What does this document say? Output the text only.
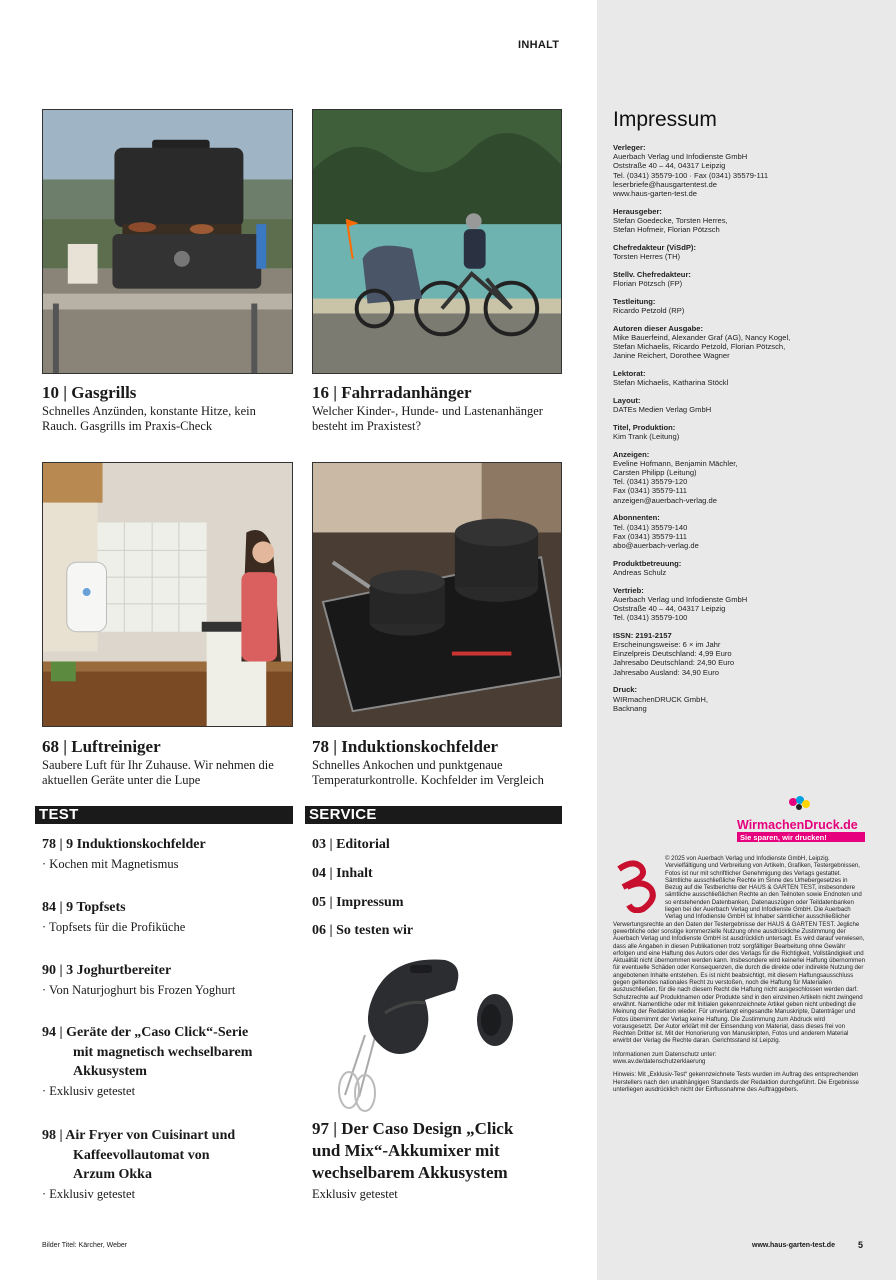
INHALT
10 | Gasgrills
Schnelles Anzünden, konstante Hitze, kein Rauch. Gasgrills im Praxis-Check
16 | Fahrradanhänger
Welcher Kinder-, Hunde- und Lastenanhänger besteht im Praxistest?
68 | Luftreiniger
Saubere Luft für Ihr Zuhause. Wir nehmen die aktuellen Geräte unter die Lupe
78 | Induktionskochfelder
Schnelles Ankochen und punktgenaue Temperaturkontrolle. Kochfelder im Vergleich
TEST
78 | 9 Induktionskochfelder
· Kochen mit Magnetismus
84 | 9 Topfsets
· Topfsets für die Profiküche
90 | 3 Joghurtbereiter
· Von Naturjoghurt bis Frozen Yoghurt
94 | Geräte der „Caso Click“-Serie
mit magnetisch wechselbarem
Akkusystem
· Exklusiv getestet
98 | Air Fryer von Cuisinart und
Kaffeevollautomat von
Arzum Okka
· Exklusiv getestet
SERVICE
03 | Editorial
04 | Inhalt
05 | Impressum
06 | So testen wir
97 | Der Caso Design „Click
und Mix“-Akkumixer mit
wechselbarem Akkusystem
Exklusiv getestet
Bilder Titel: Kärcher, Weber
Impressum
Verleger:
Auerbach Verlag und Infodienste GmbH
Oststraße 40 – 44, 04317 Leipzig
Tel. (0341) 35579-100 · Fax (0341) 35579-111
leserbriefe@hausgartentest.de
www.haus-garten-test.de
Herausgeber:
Stefan Goedecke, Torsten Herres,
Stefan Hofmeir, Florian Pötzsch
Chefredakteur (ViSdP):
Torsten Herres (TH)
Stellv. Chefredakteur:
Florian Pötzsch (FP)
Testleitung:
Ricardo Petzold (RP)
Autoren dieser Ausgabe:
Mike Bauerfeind, Alexander Graf (AG), Nancy Kogel,
Stefan Michaelis, Ricardo Petzold, Florian Pötzsch,
Janine Reichert, Dorothee Wagner
Lektorat:
Stefan Michaelis, Katharina Stöckl
Layout:
DATEs Medien Verlag GmbH
Titel, Produktion:
Kim Trank (Leitung)
Anzeigen:
Eveline Hofmann, Benjamin Mächler,
Carsten Philipp (Leitung)
Tel. (0341) 35579-120
Fax (0341) 35579-111
anzeigen@auerbach-verlag.de
Abonnenten:
Tel. (0341) 35579-140
Fax (0341) 35579-111
abo@auerbach-verlag.de
Produktbetreuung:
Andreas Schulz
Vertrieb:
Auerbach Verlag und Infodienste GmbH
Oststraße 40 – 44, 04317 Leipzig
Tel. (0341) 35579-100
ISSN: 2191-2157
Erscheinungsweise: 6 × im Jahr
Einzelpreis Deutschland: 4,99 Euro
Jahresabo Deutschland: 24,90 Euro
Jahresabo Ausland: 34,90 Euro
Druck:
WIRmachenDRUCK GmbH,
Backnang
WirmachenDruck.de
Sie sparen, wir drucken!

© 2025 von Auerbach Verlag und Infodienste GmbH, Leipzig. Vervielfältigung und Verbreitung von Artikeln, Grafiken, Testergebnissen, Fotos ist nur mit schriftlicher Genehmigung des Verlags gestattet. Sämtliche ausschließliche Rechte im Sinne des Urhebergesetzes in Bezug auf die Testberichte der HAUS & GARTEN TEST, insbesondere sämtliche ausschließlichen Rechte an den Teilnoten sowie Endnoten und so entstehenden Datenbanken, Datenauszügen oder Teildatenbanken liegen bei der Auerbach Verlag und Infodienste GmbH. Die Auerbach Verlag und Infodienste GmbH ist Inhaber sämtlicher ausschließlicher Verwertungsrechte an den Daten der Testergebnisse der HAUS & GARTEN TEST. Jegliche gewerbliche oder sonstige kommerzielle Nutzung ohne ausdrückliche Zustimmung der Auerbach Verlag und Infodienste GmbH ist ausdrücklich untersagt. Es wird darauf verwiesen, dass alle Angaben in diesen Publikationen trotz sorgfältiger Bearbeitung ohne Gewähr erfolgen und eine Haftung des Autors oder des Verlags für die Richtigkeit, Vollständigkeit und Aktualität nicht übernommen werden kann. Insbesondere wird keinerlei Haftung übernommen für eventuelle Schäden oder Konsequenzen, die durch die direkte oder indirekte Nutzung der angebotenen Inhalte entstehen. Es ist nicht beabsichtigt, mit diesem Haftungsausschluss gegen geltendes nationales Recht zu verstoßen, noch die Haftung für Materialien auszuschließen, für die nach diesem Recht die Haftung nicht ausgeschlossen werden darf. Schutzrechte auf Produktnamen oder Produkte sind in den einzelnen Artikeln nicht zwingend erwähnt. Namentliche oder mit Initialen gekennzeichnete Artikel geben nicht unbedingt die Meinung der Redaktion wieder. Für unverlangt eingesandte Manuskripte, Datenträger und Fotos übernimmt der Verlag keine Haftung. Die Zustimmung zum Abdruck wird vorausgesetzt. Der Autor erklärt mit der Einsendung von Material, dass dieses frei von Rechten Dritter ist. Mit der Honorierung von Manuskripten, Fotos und anderem Material erwirbt der Verlag die Rechte daran. Gerichtsstand ist Leipzig.

Informationen zum Datenschutz unter:
www.av.de/datenschutzerklaerung

Hinweis: Mit „Exklusiv-Test“ gekennzeichnete Tests wurden im Auftrag des entsprechenden Herstellers nach den unabhängigen Standards der Redaktion durchgeführt. Die Ergebnisse unterliegen ausdrücklich nicht der Einflussnahme des Auftraggebers.

www.haus-garten-test.de	5
